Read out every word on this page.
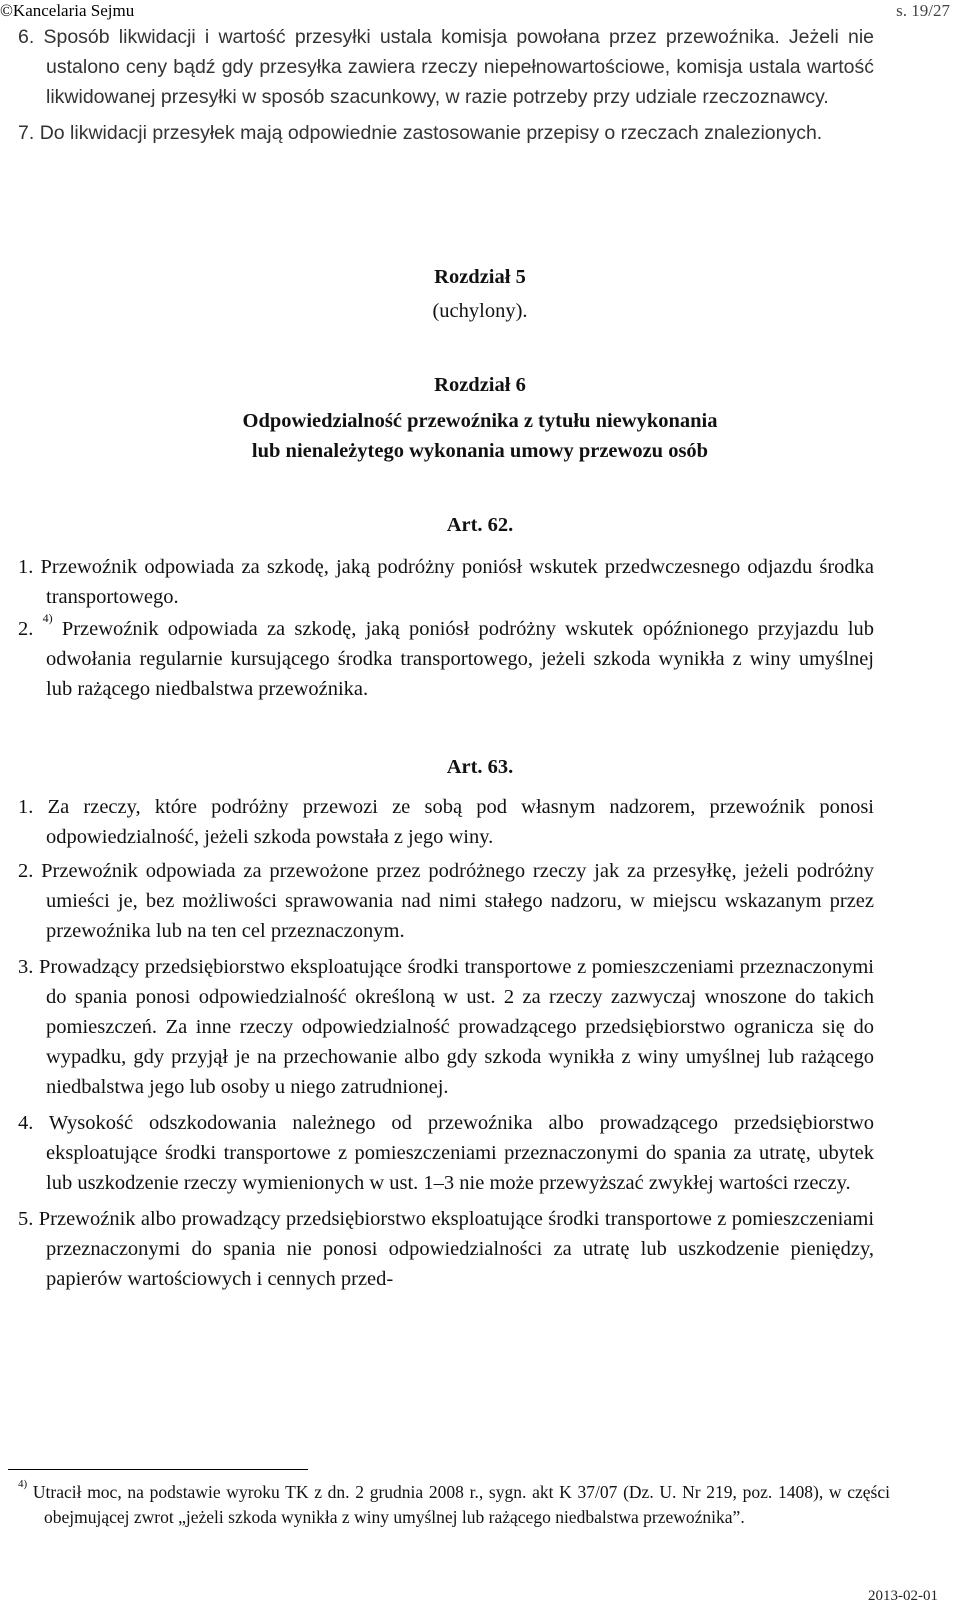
©Kancelaria Sejmu	s. 19/27

6. Sposób likwidacji i wartość przesyłki ustala komisja powołana przez przewoźnika. Jeżeli nie ustalono ceny bądź gdy przesyłka zawiera rzeczy niepełnowartościowe, komisja ustala wartość likwidowanej przesyłki w sposób szacunkowy, w razie potrzeby przy udziale rzeczoznawcy.

7. Do likwidacji przesyłek mają odpowiednie zastosowanie przepisy o rzeczach znalezionych.

Rozdział 5
(uchylony).
Rozdział 6
Odpowiedzialność przewoźnika z tytułu niewykonania
lub nienależytego wykonania umowy przewozu osób
Art. 62.

1. Przewoźnik odpowiada za szkodę, jaką podróżny poniósł wskutek przedwczesnego odjazdu środka transportowego.

2. $^{4)}$ Przewoźnik odpowiada za szkodę, jaką poniósł podróżny wskutek opóźnionego przyjazdu lub odwołania regularnie kursującego środka transportowego, jeżeli szkoda wynikła z winy umyślnej lub rażącego niedbalstwa przewoźnika.

Art. 63.

1. Za rzeczy, które podróżny przewozi ze sobą pod własnym nadzorem, przewoźnik ponosi odpowiedzialność, jeżeli szkoda powstała z jego winy.

2. Przewoźnik odpowiada za przewożone przez podróżnego rzeczy jak za przesyłkę, jeżeli podróżny umieści je, bez możliwości sprawowania nad nimi stałego nadzoru, w miejscu wskazanym przez przewoźnika lub na ten cel przeznaczonym.

3. Prowadzący przedsiębiorstwo eksploatujące środki transportowe z pomieszczeniami przeznaczonymi do spania ponosi odpowiedzialność określoną w ust. 2 za rzeczy zazwyczaj wnoszone do takich pomieszczeń. Za inne rzeczy odpowiedzialność prowadzącego przedsiębiorstwo ogranicza się do wypadku, gdy przyjął je na przechowanie albo gdy szkoda wynikła z winy umyślnej lub rażącego niedbalstwa jego lub osoby u niego zatrudnionej.

4. Wysokość odszkodowania należnego od przewoźnika albo prowadzącego przedsiębiorstwo eksploatujące środki transportowe z pomieszczeniami przeznaczonymi do spania za utratę, ubytek lub uszkodzenie rzeczy wymienionych w ust. 1–3 nie może przewyższać zwykłej wartości rzeczy.

5. Przewoźnik albo prowadzący przedsiębiorstwo eksploatujące środki transportowe z pomieszczeniami przeznaczonymi do spania nie ponosi odpowiedzialności za utratę lub uszkodzenie pieniędzy, papierów wartościowych i cennych przed-

$^{4)}$ Utracił moc, na podstawie wyroku TK z dn. 2 grudnia 2008 r., sygn. akt K 37/07 (Dz. U. Nr 219, poz. 1408), w części obejmującej zwrot „jeżeli szkoda wynikła z winy umyślnej lub rażącego niedbalstwa przewoźnika”.
2013-02-01
